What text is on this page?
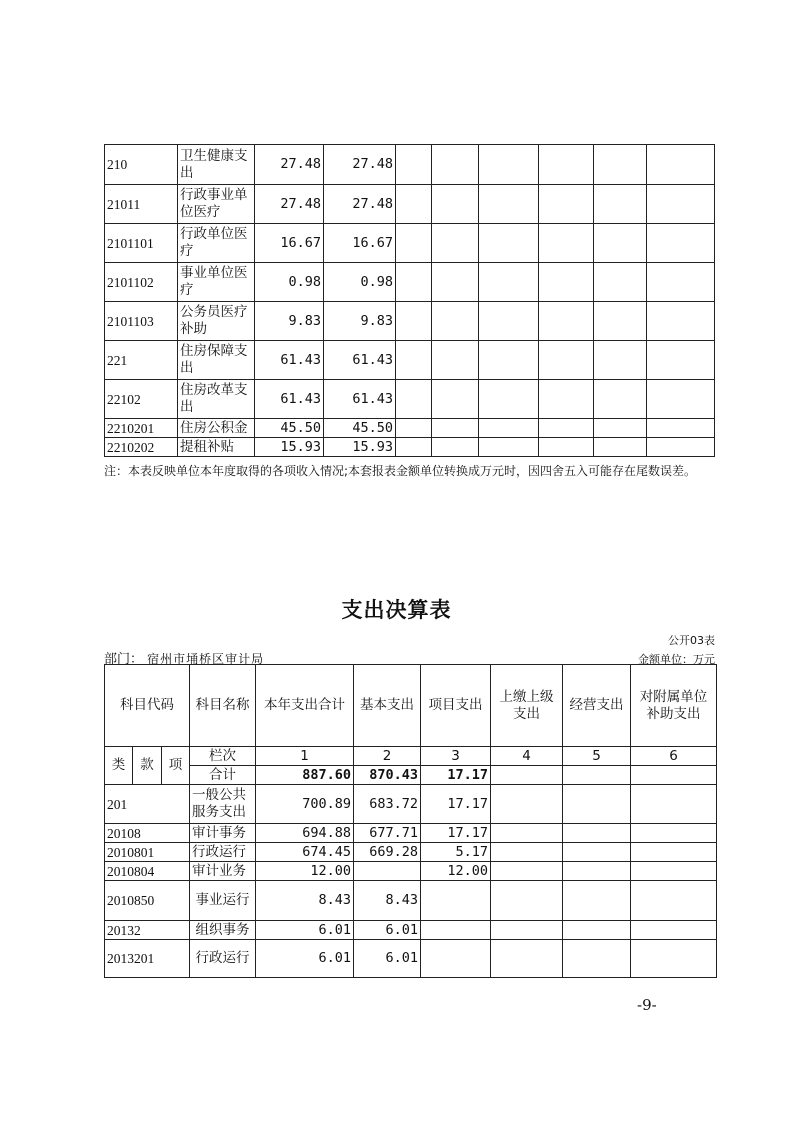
210	卫生健康支出	27.48	27.48						
21011	行政事业单位医疗	27.48	27.48						
2101101	行政单位医疗	16.67	16.67						
2101102	事业单位医疗	0.98	0.98						
2101103	公务员医疗补助	9.83	9.83						
221	住房保障支出	61.43	61.43						
22102	住房改革支出	61.43	61.43						
2210201	住房公积金	45.50	45.50						
2210202	提租补贴	15.93	15.93						
注：本表反映单位本年度取得的各项收入情况;本套报表金额单位转换成万元时，因四舍五入可能存在尾数误差。
支出决算表
公开03表
部门： 宿州市埇桥区审计局	金额单位：万元
科目代码			科目名称	本年支出合计	基本支出	项目支出	上缴上级支出	经营支出	对附属单位补助支出
类	款	项	栏次	1	2	3	4	5	6
			合计	887.60	870.43	17.17			
201			一般公共服务支出	700.89	683.72	17.17			
20108			审计事务	694.88	677.71	17.17			
2010801			行政运行	674.45	669.28	5.17			
2010804			审计业务	12.00		12.00			
2010850			事业运行	8.43	8.43				
20132			组织事务	6.01	6.01				
2013201			行政运行	6.01	6.01				
-9-
